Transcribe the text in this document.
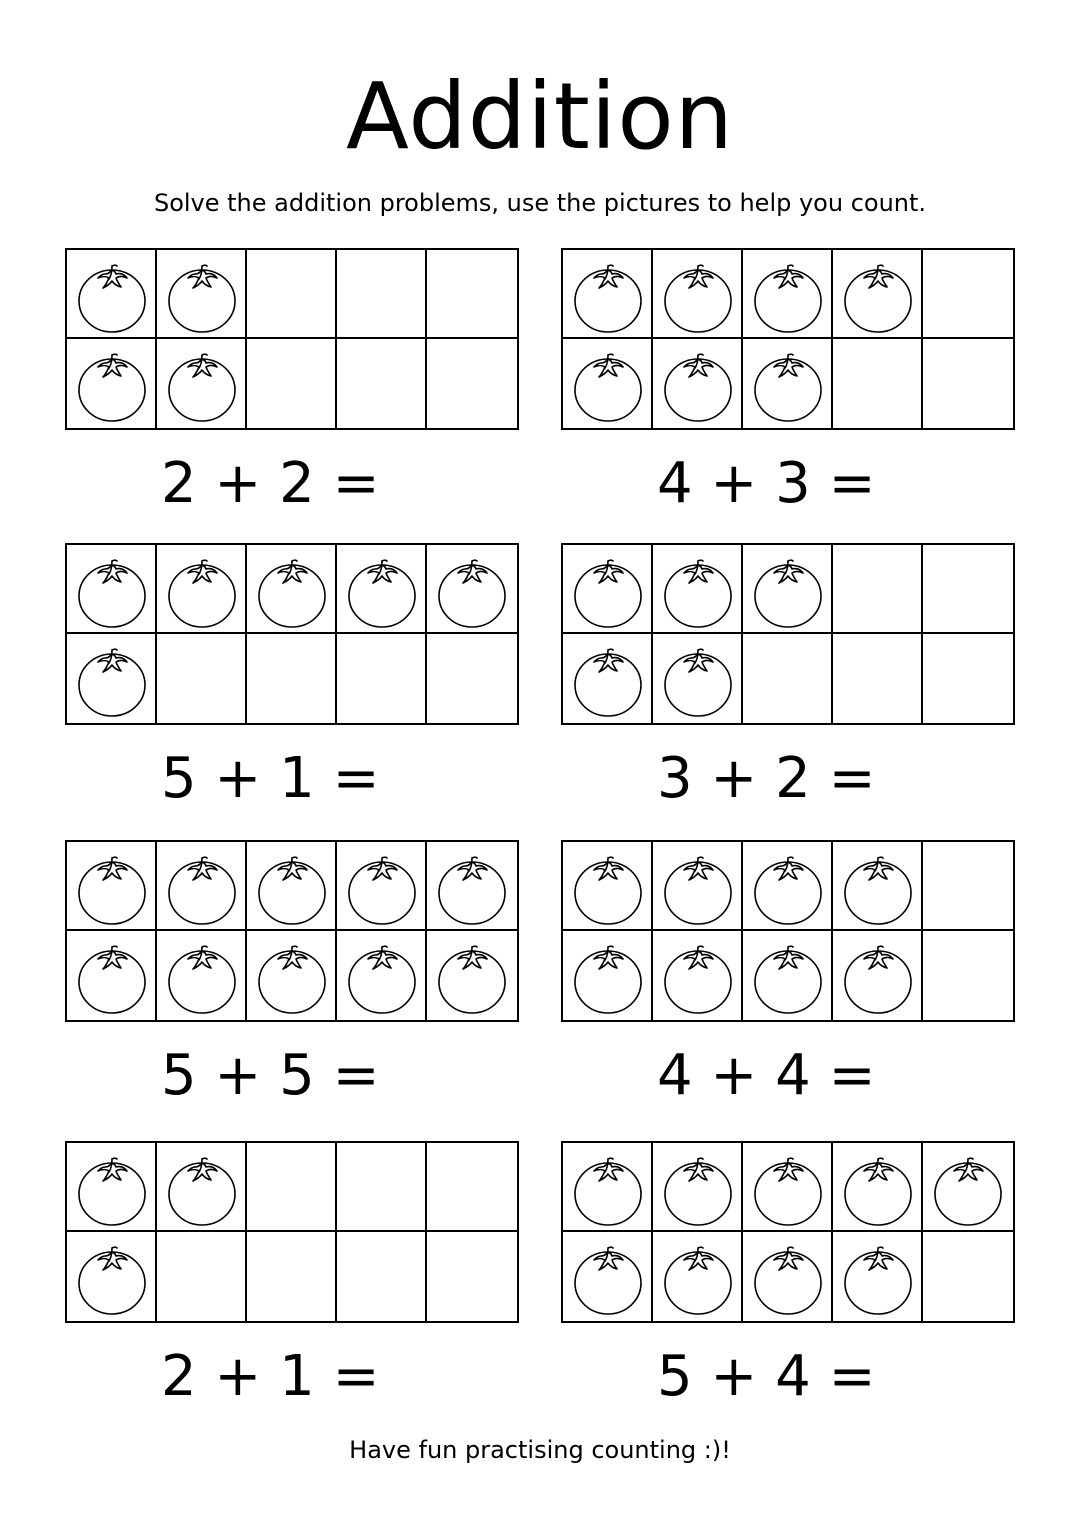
Addition
Solve the addition problems, use the pictures to help you count.
2 + 2 =	4 + 3 =
5 + 1 =	3 + 2 =
5 + 5 =	4 + 4 =
2 + 1 =	5 + 4 =
Have fun practising counting :)!
